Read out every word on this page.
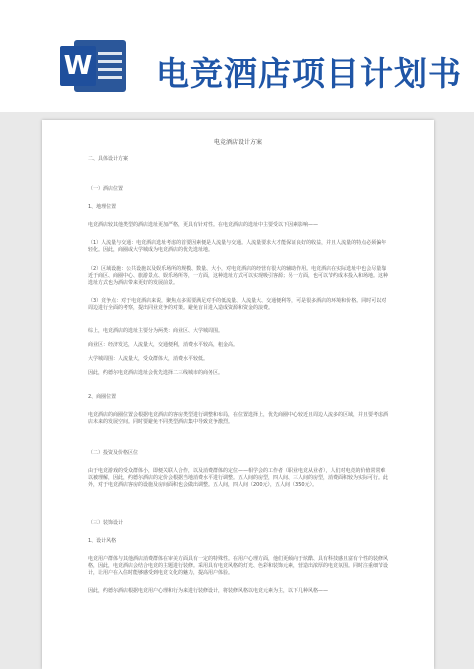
W 电竞酒店项目计划书
电竞酒店设计方案

二、具体设计方案

（一）酒店位置

1、地理位置

电竞酒店较其他类型的酒店选址更加严格，更具有针对性。在电竞酒店的选址中主要受以下因素影响——

（1）人流量与交通：电竞酒店选址考虑的首要因素便是人流量与交通。人流量要求大才能保证良好的收益，并且人流量的特点必须偏年轻化。因此，商圈或大学城成为电竞酒店的优先选址地。

（2）区域设施：公共设施以及娱乐场所的规模、数量、大小，对电竞酒店的经营有很大的辅助作用。电竞酒店在实际选址中也会尽量靠近于商区、商圈中心、旅游景点、娱乐场所等，一方面，这种选址方式可以实现吸引客源；另一方面，也可以节约成本投入和场地。这种选址方式也为酒店带来更好的发展前景。

（3）竞争点：对于电竞酒店来说，聚焦点多需要满足对手的低流量、人流量大、交通便利等，可是很多酒店的环境和价格。同时可以对周边进行全面的考察，提出同业竞争的对策。避免盲目进入造成资源和资金的浪费。

综上，电竞酒店的选址主要分为两类：商业区、大学城周围。

商业区：经济发达，人流量大，交通便利，消费水平较高，租金高。

大学城周围：人流量大，受众群体大，消费水平较低。

因此，约德尔电竞酒店选址会优先选择二三线城市的商务区。

2、商圈位置

电竞酒店的商圈位置会根据电竞酒店的客房类型进行调整和布局，在位置选择上，优先商圈中心较近且周边人流多的区域，并且要考虑酒店未来的发展空间。同时要避免不同类型酒店集中导致竞争激烈。

（二）投资及价格区位

由于电竞游戏的受众群体小，即便关联人合作，以及消费群体的定位——相学会的工作者（职业电竞从业者），人们对电竞的价值常常难以被理解，因此，约德尔酒店的定价会根据当地消费水平进行调整。五人间的房型，四人间、三人间的房型，消费面积较为实际可行。此外，对于电竞酒店客房的设施及房间面积也会做出调整。五人间，四人间（200元），五人间（350元）。

（三）装饰设计

1、设计风格

电竞用户群体与其他酒店消费群体在审美方面具有一定的特殊性。在用户心理方面，他们更倾向于炫酷、具有科技感且富有个性的装修风格，因此，电竞酒店会结合电竞的主题进行装修。采用具有电竞风格的灯光、色彩和装饰元素，营造出浓厚的电竞氛围。同时注重细节设计，让用户在入住时能够感受到电竞文化的魅力，提高用户体验。

因此，约德尔酒店根据电竞用户心理和行为来进行装修设计，将装修风格以电竞元素为主，以下几种风格——
